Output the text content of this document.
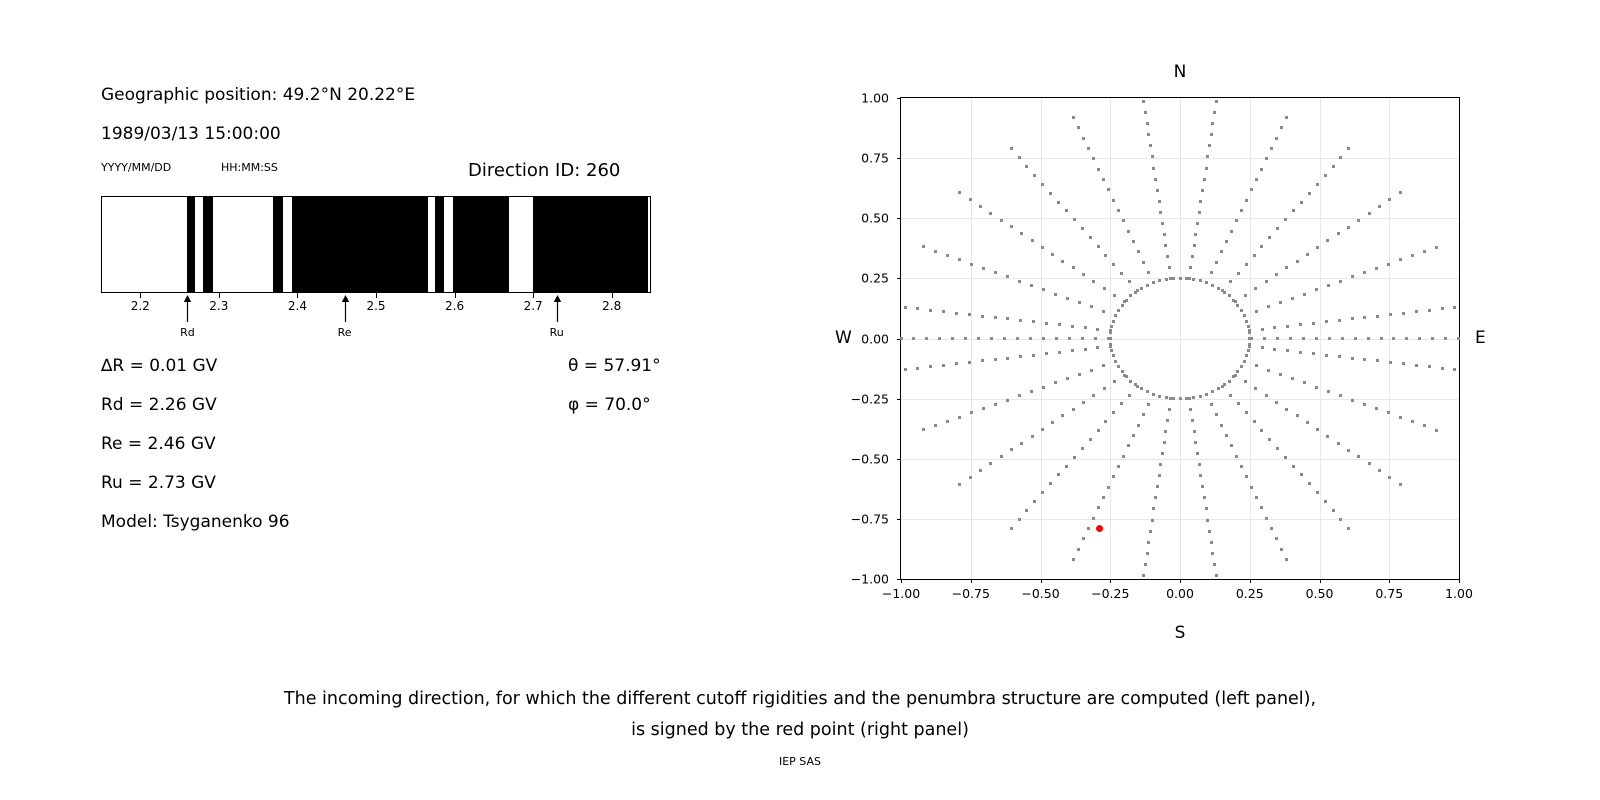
Geographic position: 49.2°N 20.22°E
1989/03/13 15:00:00
YYYY/MM/DD	HH:MM:SS	Direction ID: 260
2.2	2.3	2.4	2.5	2.6	2.7	2.8
Rd	Re	Ru
∆R = 0.01 GV
Rd = 2.26 GV
Re = 2.46 GV
Ru = 2.73 GV
Model: Tsyganenko 96
θ = 57.91°
φ = 70.0°
N
S
W	E
−1.00	−0.75	−0.50	−0.25	0.00	0.25	0.50	0.75	1.00
−1.00
−0.75
−0.50
−0.25
0.00
0.25
0.50
0.75
1.00
The incoming direction, for which the different cutoff rigidities and the penumbra structure are computed (left panel),
is signed by the red point (right panel)
IEP SAS
